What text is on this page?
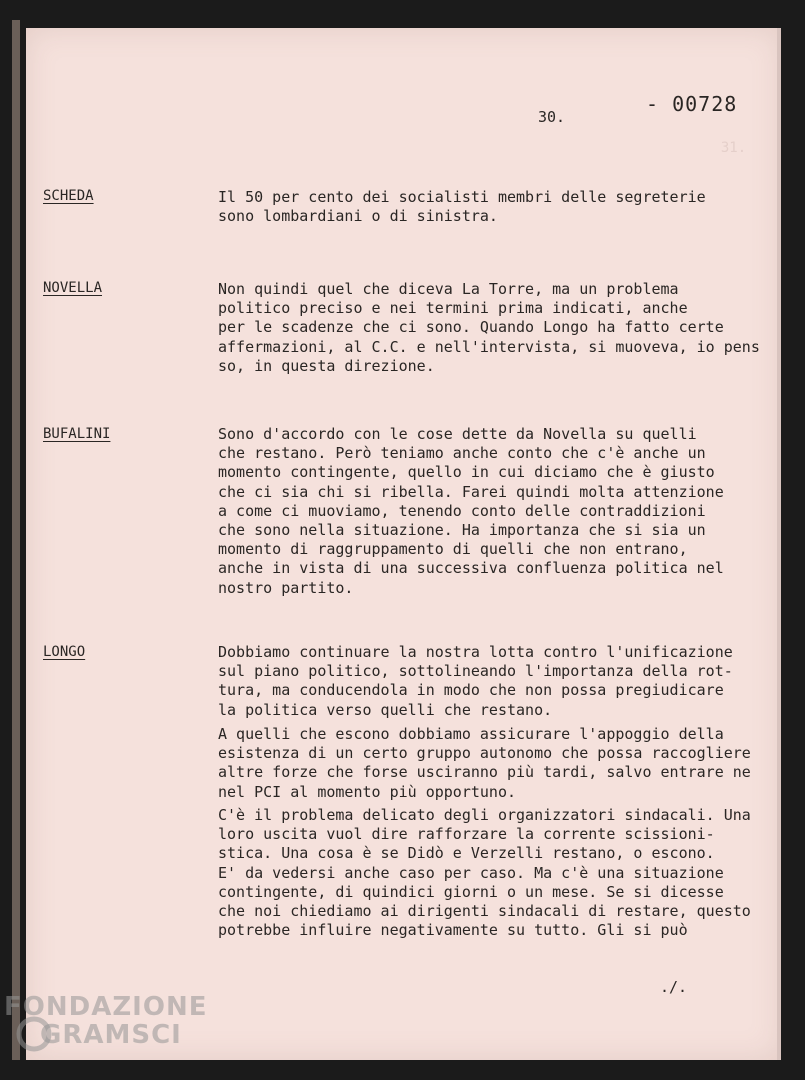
31.
30.
- 00728
SCHEDA	Il 50 per cento dei socialisti membri delle segreterie
sono lombardiani o di sinistra.

NOVELLA	Non quindi quel che diceva La Torre, ma un problema
politico preciso e nei termini prima indicati, anche
per le scadenze che ci sono. Quando Longo ha fatto certe
affermazioni, al C.C. e nell'intervista, si muoveva, io pens
so, in questa direzione.

BUFALINI	Sono d'accordo con le cose dette da Novella su quelli
che restano. Però teniamo anche conto che c'è anche un
momento contingente, quello in cui diciamo che è giusto
che ci sia chi si ribella. Farei quindi molta attenzione
a come ci muoviamo, tenendo conto delle contraddizioni
che sono nella situazione. Ha importanza che si sia un
momento di raggruppamento di quelli che non entrano,
anche in vista di una successiva confluenza politica nel
nostro partito.

LONGO	Dobbiamo continuare la nostra lotta contro l'unificazione
sul piano politico, sottolineando l'importanza della rot-
tura, ma conducendola in modo che non possa pregiudicare
la politica verso quelli che restano.

A quelli che escono dobbiamo assicurare l'appoggio della
esistenza di un certo gruppo autonomo che possa raccogliere
altre forze che forse usciranno più tardi, salvo entrare ne
nel PCI al momento più opportuno.

C'è il problema delicato degli organizzatori sindacali. Una
loro uscita vuol dire rafforzare la corrente scissioni-
stica. Una cosa è se Didò e Verzelli restano, o escono.
E' da vedersi anche caso per caso. Ma c'è una situazione
contingente, di quindici giorni o un mese. Se si dicesse
che noi chiediamo ai dirigenti sindacali di restare, questo
potrebbe influire negativamente su tutto. Gli si può

./.
FONDAZIONE
GRAMSCI
